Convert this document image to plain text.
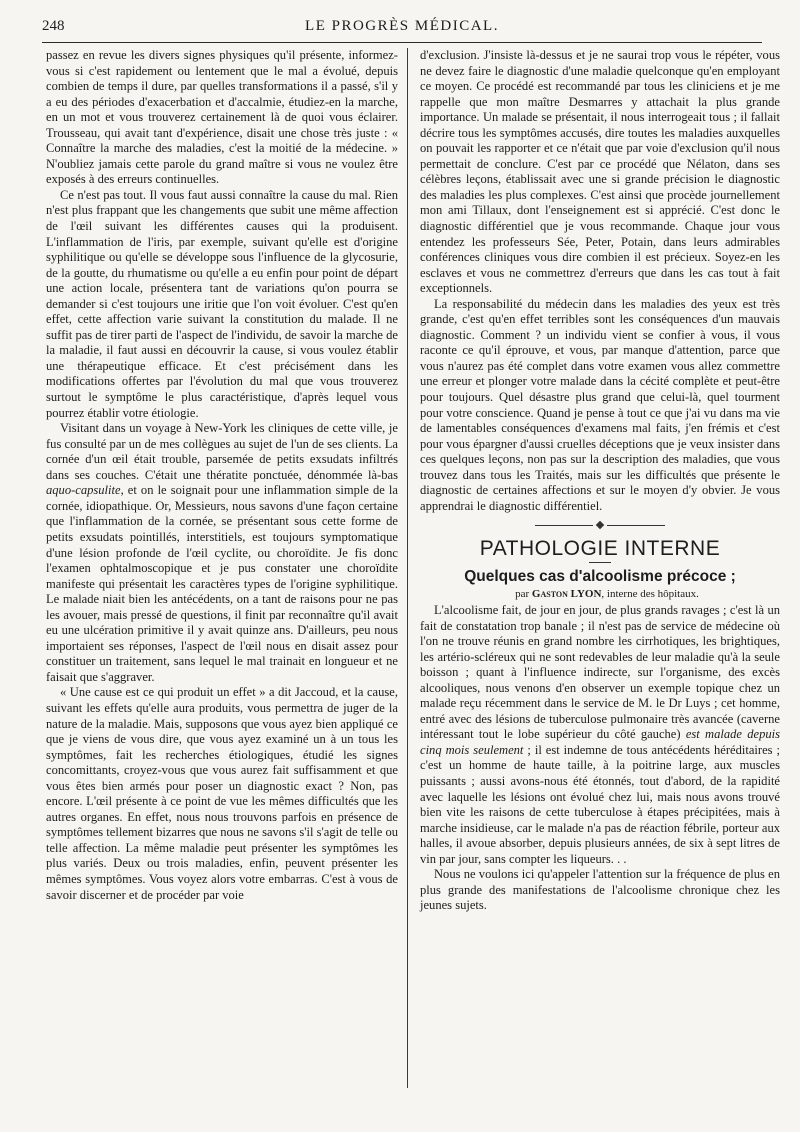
248	LE PROGRÈS MÉDICAL.

passez en revue les divers signes physiques qu'il présente, informez-vous si c'est rapidement ou lentement que le mal a évolué, depuis combien de temps il dure, par quelles transformations il a passé, s'il y a eu des périodes d'exacerbation et d'accalmie, étudiez-en la marche, en un mot et vous trouverez certainement là de quoi vous éclairer. Trousseau, qui avait tant d'expérience, disait une chose très juste : « Connaître la marche des maladies, c'est la moitié de la médecine. » N'oubliez jamais cette parole du grand maître si vous ne voulez être exposés à des erreurs continuelles.

Ce n'est pas tout. Il vous faut aussi connaître la cause du mal. Rien n'est plus frappant que les changements que subit une même affection de l'œil suivant les différentes causes qui la produisent. L'inflammation de l'iris, par exemple, suivant qu'elle est d'origine syphilitique ou qu'elle se développe sous l'influence de la glycosurie, de la goutte, du rhumatisme ou qu'elle a eu enfin pour point de départ une action locale, présentera tant de variations qu'on pourra se demander si c'est toujours une iritie que l'on voit évoluer. C'est qu'en effet, cette affection varie suivant la constitution du malade. Il ne suffit pas de tirer parti de l'aspect de l'individu, de savoir la marche de la maladie, il faut aussi en découvrir la cause, si vous voulez établir une thérapeutique efficace. Et c'est précisément dans les modifications offertes par l'évolution du mal que vous trouverez surtout le symptôme le plus caractéristique, d'après lequel vous pourrez établir votre étiologie.

Visitant dans un voyage à New-York les cliniques de cette ville, je fus consulté par un de mes collègues au sujet de l'un de ses clients. La cornée d'un œil était trouble, parsemée de petits exsudats infiltrés dans ses couches. C'était une thératite ponctuée, dénommée là-bas aquo-capsulite, et on le soignait pour une inflammation simple de la cornée, idiopathique. Or, Messieurs, nous savons d'une façon certaine que l'inflammation de la cornée, se présentant sous cette forme de petits exsudats pointillés, interstitiels, est toujours symptomatique d'une lésion profonde de l'œil cyclite, ou choroïdite. Je fis donc l'examen ophtalmoscopique et je pus constater une choroïdite manifeste qui présentait les caractères types de l'origine syphilitique. Le malade niait bien les antécédents, on a tant de raisons pour ne pas les avouer, mais pressé de questions, il finit par reconnaître qu'il avait eu une ulcération primitive il y avait quinze ans. D'ailleurs, peu nous importaient ses réponses, l'aspect de l'œil nous en disait assez pour constituer un traitement, sans lequel le mal trainait en longueur et ne faisait que s'aggraver.

« Une cause est ce qui produit un effet » a dit Jaccoud, et la cause, suivant les effets qu'elle aura produits, vous permettra de juger de la nature de la maladie. Mais, supposons que vous ayez bien appliqué ce que je viens de vous dire, que vous ayez examiné un à un tous les symptômes, fait les recherches étiologiques, étudié les signes concomittants, croyez-vous que vous aurez fait suffisamment et que vous êtes bien armés pour poser un diagnostic exact ? Non, pas encore. L'œil présente à ce point de vue les mêmes difficultés que les autres organes. En effet, nous nous trouvons parfois en présence de symptômes tellement bizarres que nous ne savons s'il s'agit de telle ou telle affection. La même maladie peut présenter les symptômes les plus variés. Deux ou trois maladies, enfin, peuvent présenter les mêmes symptômes. Vous voyez alors votre embarras. C'est à vous de savoir discerner et de procéder par voie

d'exclusion. J'insiste là-dessus et je ne saurai trop vous le répéter, vous ne devez faire le diagnostic d'une maladie quelconque qu'en employant ce moyen. Ce procédé est recommandé par tous les cliniciens et je me rappelle que mon maître Desmarres y attachait la plus grande importance. Un malade se présentait, il nous interrogeait tous ; il fallait décrire tous les symptômes accusés, dire toutes les maladies auxquelles on pouvait les rapporter et ce n'était que par voie d'exclusion qu'il nous permettait de conclure. C'est par ce procédé que Nélaton, dans ses célèbres leçons, établissait avec une si grande précision le diagnostic des maladies les plus complexes. C'est ainsi que procède journellement mon ami Tillaux, dont l'enseignement est si apprécié. C'est donc le diagnostic différentiel que je vous recommande. Chaque jour vous entendez les professeurs Sée, Peter, Potain, dans leurs admirables conférences cliniques vous dire combien il est précieux. Soyez-en les esclaves et vous ne commettrez d'erreurs que dans les cas tout à fait exceptionnels.

La responsabilité du médecin dans les maladies des yeux est très grande, c'est qu'en effet terribles sont les conséquences d'un mauvais diagnostic. Comment ? un individu vient se confier à vous, il vous raconte ce qu'il éprouve, et vous, par manque d'attention, parce que vous n'aurez pas été complet dans votre examen vous allez commettre une erreur et plonger votre malade dans la cécité complète et peut-être pour toujours. Quel désastre plus grand que celui-là, quel tourment pour votre conscience. Quand je pense à tout ce que j'ai vu dans ma vie de lamentables conséquences d'examens mal faits, j'en frémis et c'est pour vous épargner d'aussi cruelles déceptions que je veux insister dans ces quelques leçons, non pas sur la description des maladies, que vous trouvez dans tous les Traités, mais sur les difficultés que présente le diagnostic de certaines affections et sur le moyen d'y obvier. Je vous apprendrai le diagnostic différentiel.

PATHOLOGIE INTERNE
Quelques cas d'alcoolisme précoce ;

par Gaston LYON, interne des hôpitaux.

L'alcoolisme fait, de jour en jour, de plus grands ravages ; c'est là un fait de constatation trop banale ; il n'est pas de service de médecine où l'on ne trouve réunis en grand nombre les cirrhotiques, les brightiques, les artério-scléreux qui ne sont redevables de leur maladie qu'à la seule boisson ; quant à l'influence indirecte, sur l'organisme, des excès alcooliques, nous venons d'en observer un exemple topique chez un malade reçu récemment dans le service de M. le Dr Luys ; cet homme, entré avec des lésions de tuberculose pulmonaire très avancée (caverne intéressant tout le lobe supérieur du côté gauche) est malade depuis cinq mois seulement ; il est indemne de tous antécédents héréditaires ; c'est un homme de haute taille, à la poitrine large, aux muscles puissants ; aussi avons-nous été étonnés, tout d'abord, de la rapidité avec laquelle les lésions ont évolué chez lui, mais nous avons trouvé bien vite les raisons de cette tuberculose à étapes précipitées, mais à marche insidieuse, car le malade n'a pas de réaction fébrile, porteur aux halles, il avoue absorber, depuis plusieurs années, de six à sept litres de vin par jour, sans compter les liqueurs. . .

Nous ne voulons ici qu'appeler l'attention sur la fréquence de plus en plus grande des manifestations de l'alcoolisme chronique chez les jeunes sujets.
